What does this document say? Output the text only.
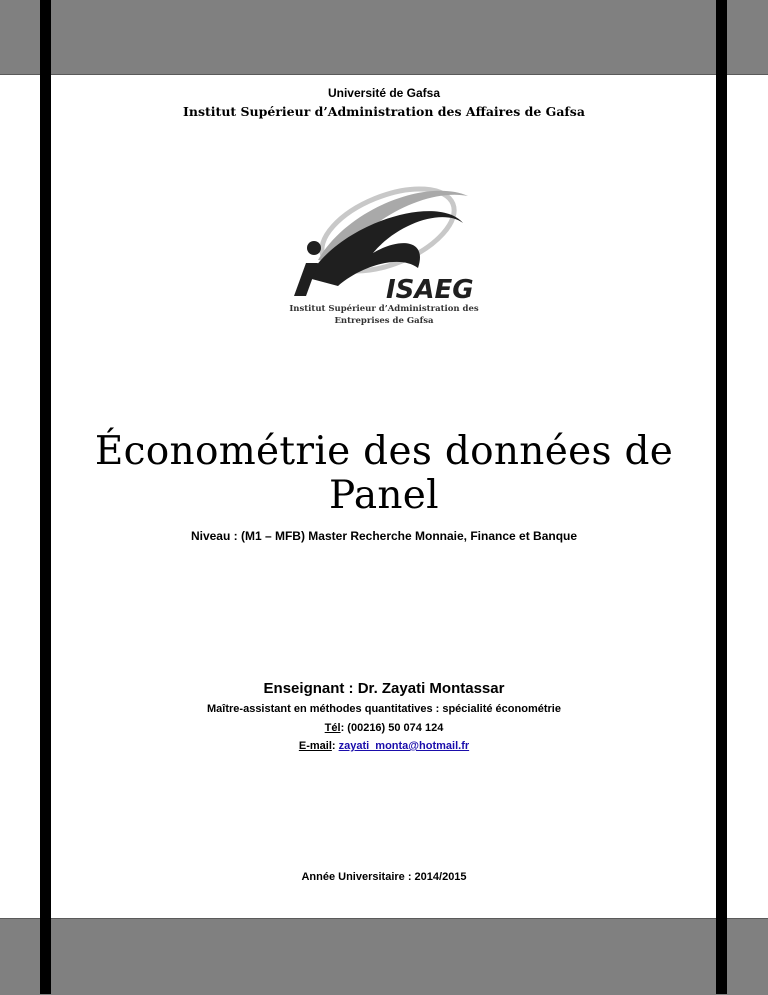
Université de Gafsa
Institut Supérieur d’Administration des Affaires de Gafsa
ISAEG
Institut Supérieur d’Administration des
Entreprises de Gafsa
Économétrie des données de
Panel
Niveau : (M1 – MFB) Master Recherche Monnaie, Finance et Banque
Enseignant : Dr. Zayati Montassar
Maître-assistant en méthodes quantitatives : spécialité économétrie
Tél: (00216) 50 074 124
E-mail: zayati_monta@hotmail.fr
Année Universitaire : 2014/2015
